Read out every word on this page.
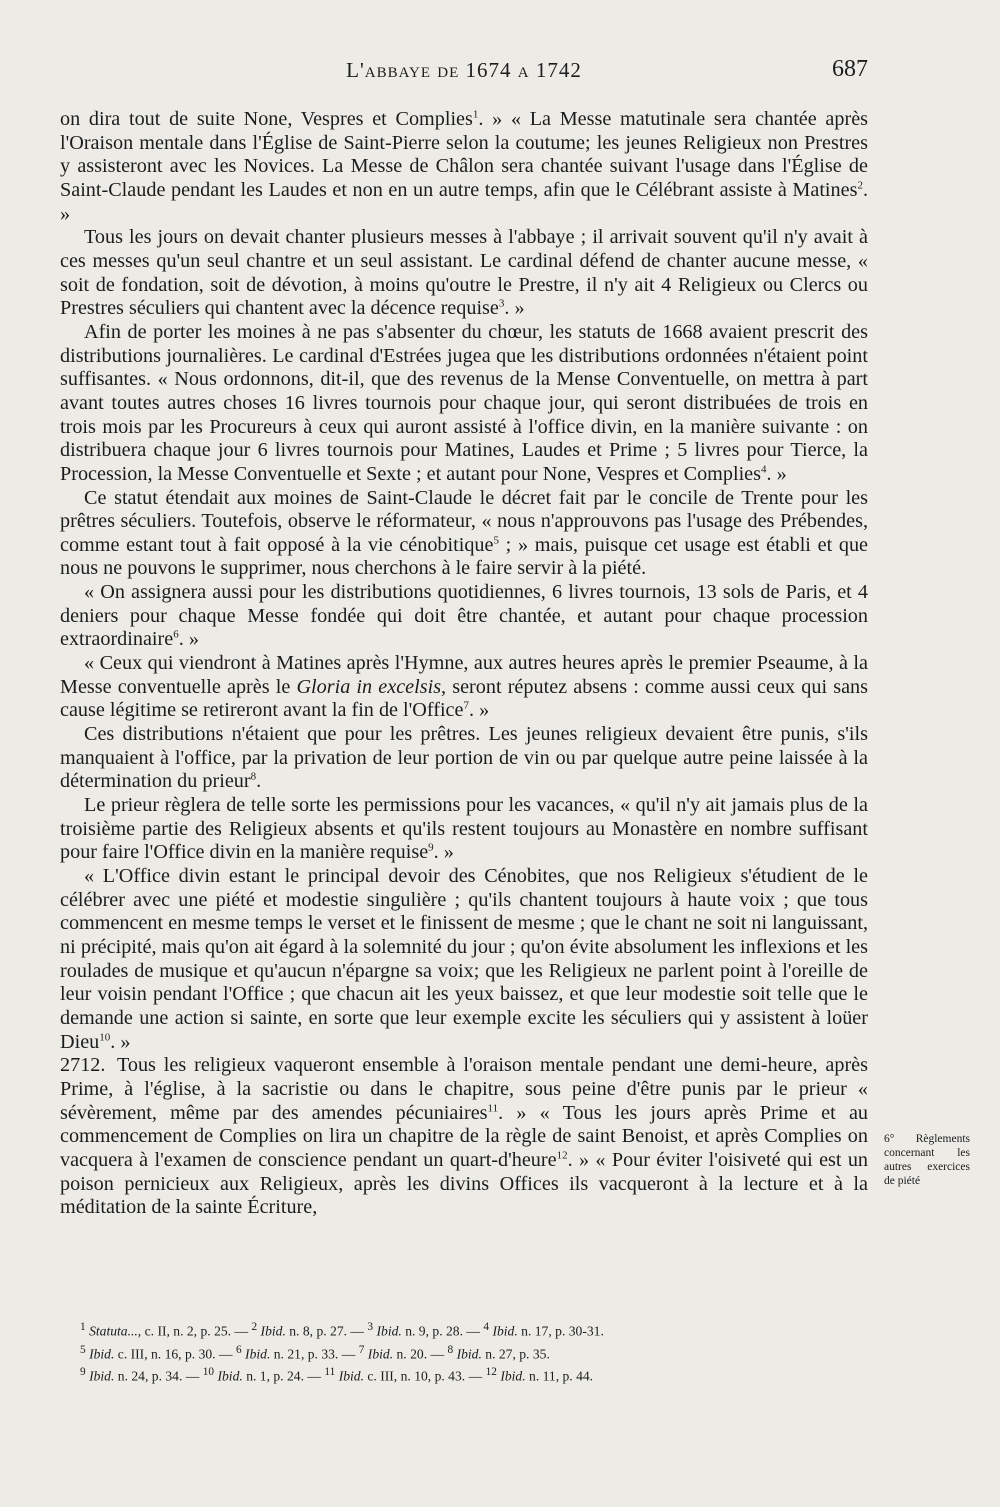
L'abbaye de 1674 a 1742	687

on dira tout de suite None, Vespres et Complies$^1$. » « La Messe matutinale sera chantée après l'Oraison mentale dans l'Église de Saint-Pierre selon la coutume; les jeunes Religieux non Prestres y assisteront avec les Novices. La Messe de Châlon sera chantée suivant l'usage dans l'Église de Saint-Claude pendant les Laudes et non en un autre temps, afin que le Célébrant assiste à Matines$^2$. »

Tous les jours on devait chanter plusieurs messes à l'abbaye ; il arrivait souvent qu'il n'y avait à ces messes qu'un seul chantre et un seul assistant. Le cardinal défend de chanter aucune messe, « soit de fondation, soit de dévotion, à moins qu'outre le Prestre, il n'y ait 4 Religieux ou Clercs ou Prestres séculiers qui chantent avec la décence requise$^3$. »

Afin de porter les moines à ne pas s'absenter du chœur, les statuts de 1668 avaient prescrit des distributions journalières. Le cardinal d'Estrées jugea que les distributions ordonnées n'étaient point suffisantes. « Nous ordonnons, dit-il, que des revenus de la Mense Conventuelle, on mettra à part avant toutes autres choses 16 livres tournois pour chaque jour, qui seront distribuées de trois en trois mois par les Procureurs à ceux qui auront assisté à l'office divin, en la manière suivante : on distribuera chaque jour 6 livres tournois pour Matines, Laudes et Prime ; 5 livres pour Tierce, la Procession, la Messe Conventuelle et Sexte ; et autant pour None, Vespres et Complies$^4$. »

Ce statut étendait aux moines de Saint-Claude le décret fait par le concile de Trente pour les prêtres séculiers. Toutefois, observe le réformateur, « nous n'approuvons pas l'usage des Prébendes, comme estant tout à fait opposé à la vie cénobitique$^5$ ; » mais, puisque cet usage est établi et que nous ne pouvons le supprimer, nous cherchons à le faire servir à la piété.

« On assignera aussi pour les distributions quotidiennes, 6 livres tournois, 13 sols de Paris, et 4 deniers pour chaque Messe fondée qui doit être chantée, et autant pour chaque procession extraordinaire$^6$. »

« Ceux qui viendront à Matines après l'Hymne, aux autres heures après le premier Pseaume, à la Messe conventuelle après le Gloria in excelsis, seront réputez absens : comme aussi ceux qui sans cause légitime se retireront avant la fin de l'Office$^7$. »

Ces distributions n'étaient que pour les prêtres. Les jeunes religieux devaient être punis, s'ils manquaient à l'office, par la privation de leur portion de vin ou par quelque autre peine laissée à la détermination du prieur$^8$.

Le prieur règlera de telle sorte les permissions pour les vacances, « qu'il n'y ait jamais plus de la troisième partie des Religieux absents et qu'ils restent toujours au Monastère en nombre suffisant pour faire l'Office divin en la manière requise$^9$. »

« L'Office divin estant le principal devoir des Cénobites, que nos Religieux s'étudient de le célébrer avec une piété et modestie singulière ; qu'ils chantent toujours à haute voix ; que tous commencent en mesme temps le verset et le finissent de mesme ; que le chant ne soit ni languissant, ni précipité, mais qu'on ait égard à la solemnité du jour ; qu'on évite absolument les inflexions et les roulades de musique et qu'aucun n'épargne sa voix; que les Religieux ne parlent point à l'oreille de leur voisin pendant l'Office ; que chacun ait les yeux baissez, et que leur modestie soit telle que le demande une action si sainte, en sorte que leur exemple excite les séculiers qui y assistent à loüer Dieu$^{10}$. »

2712. Tous les religieux vaqueront ensemble à l'oraison mentale pendant une demi-heure, après Prime, à l'église, à la sacristie ou dans le chapitre, sous peine d'être punis par le prieur « sévèrement, même par des amendes pécuniaires$^{11}$. » « Tous les jours après Prime et au commencement de Complies on lira un chapitre de la règle de saint Benoist, et après Complies on vacquera à l'examen de conscience pendant un quart-d'heure$^{12}$. » « Pour éviter l'oisiveté qui est un poison pernicieux aux Religieux, après les divins Offices ils vacqueront à la lecture et à la méditation de la sainte Écriture,

6° Règlements concernant les autres exercices de piété
$^1$ Statuta..., c. II, n. 2, p. 25. — $^2$ Ibid. n. 8, p. 27. — $^3$ Ibid. n. 9, p. 28. — $^4$ Ibid. n. 17, p. 30-31.
$^5$ Ibid. c. III, n. 16, p. 30. — $^6$ Ibid. n. 21, p. 33. — $^7$ Ibid. n. 20. — $^8$ Ibid. n. 27, p. 35.
$^9$ Ibid. n. 24, p. 34. — $^{10}$ Ibid. n. 1, p. 24. — $^{11}$ Ibid. c. III, n. 10, p. 43. — $^{12}$ Ibid. n. 11, p. 44.
